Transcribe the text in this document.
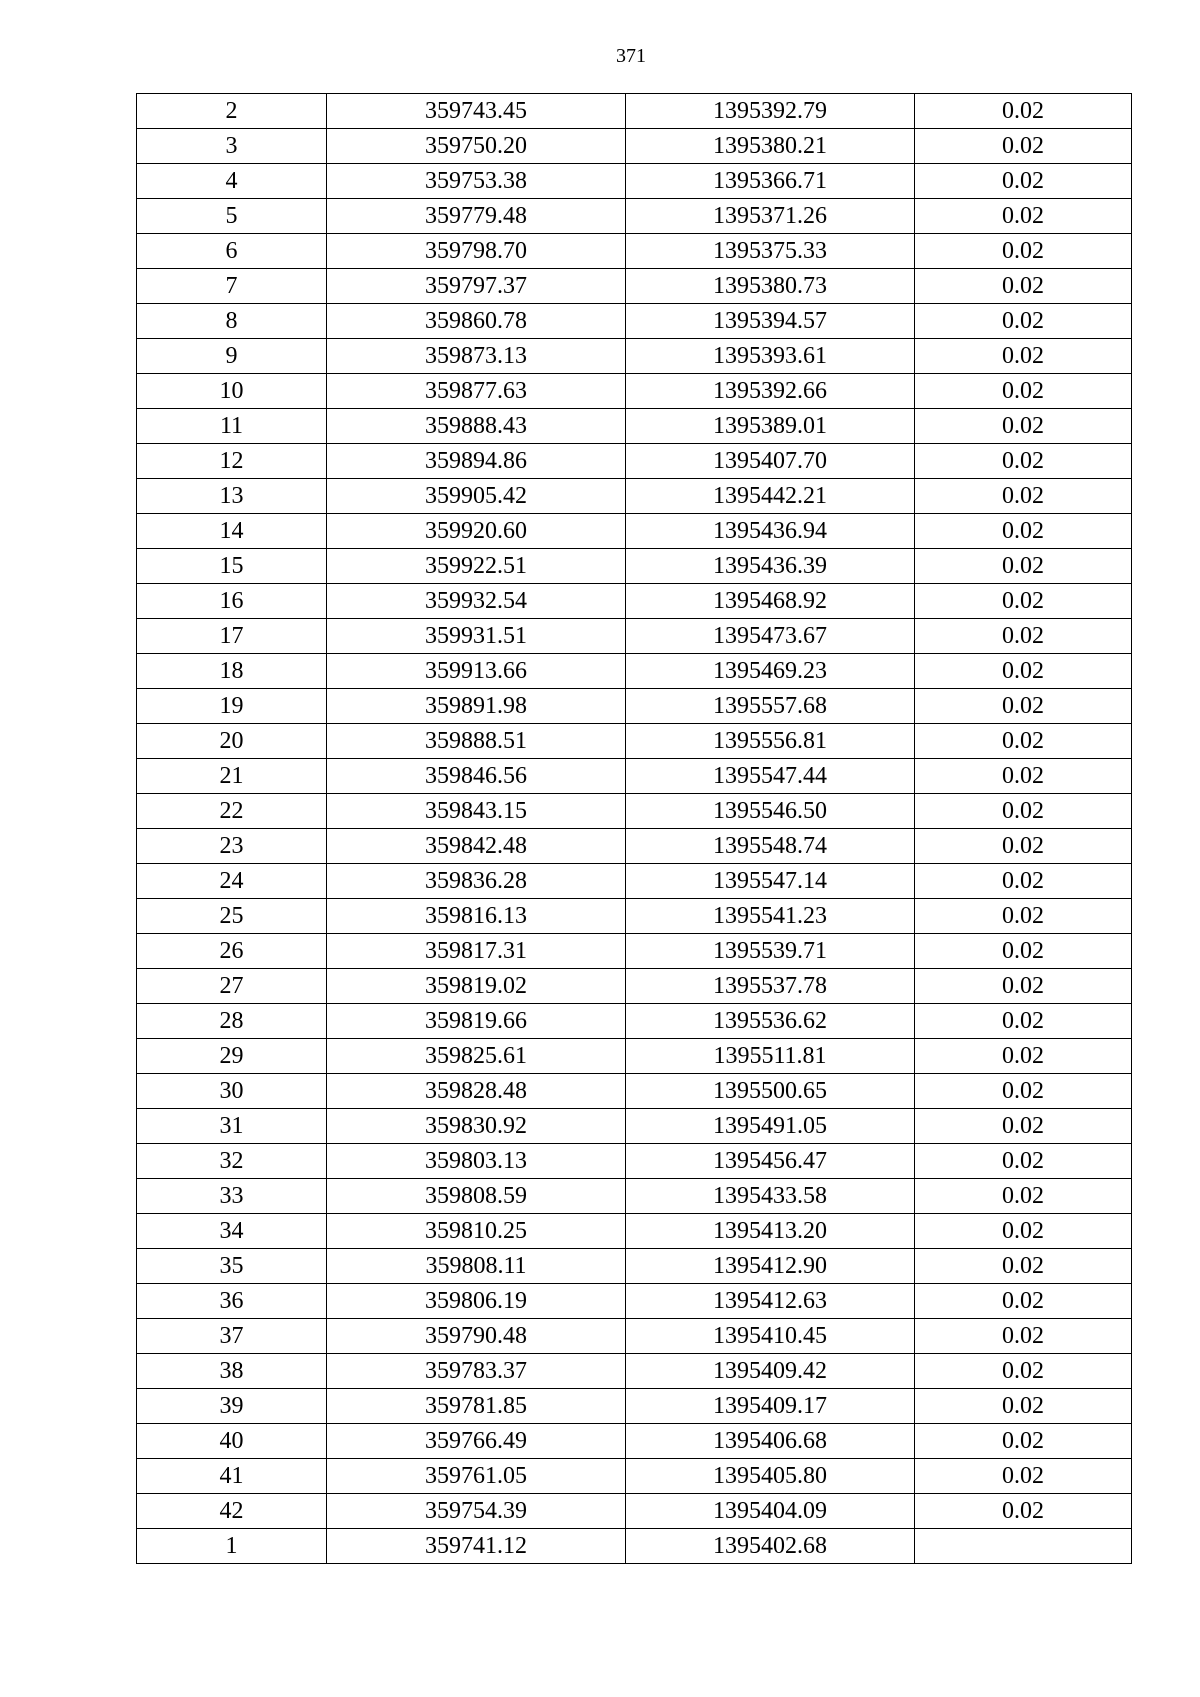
371
2	359743.45	1395392.79	0.02
3	359750.20	1395380.21	0.02
4	359753.38	1395366.71	0.02
5	359779.48	1395371.26	0.02
6	359798.70	1395375.33	0.02
7	359797.37	1395380.73	0.02
8	359860.78	1395394.57	0.02
9	359873.13	1395393.61	0.02
10	359877.63	1395392.66	0.02
11	359888.43	1395389.01	0.02
12	359894.86	1395407.70	0.02
13	359905.42	1395442.21	0.02
14	359920.60	1395436.94	0.02
15	359922.51	1395436.39	0.02
16	359932.54	1395468.92	0.02
17	359931.51	1395473.67	0.02
18	359913.66	1395469.23	0.02
19	359891.98	1395557.68	0.02
20	359888.51	1395556.81	0.02
21	359846.56	1395547.44	0.02
22	359843.15	1395546.50	0.02
23	359842.48	1395548.74	0.02
24	359836.28	1395547.14	0.02
25	359816.13	1395541.23	0.02
26	359817.31	1395539.71	0.02
27	359819.02	1395537.78	0.02
28	359819.66	1395536.62	0.02
29	359825.61	1395511.81	0.02
30	359828.48	1395500.65	0.02
31	359830.92	1395491.05	0.02
32	359803.13	1395456.47	0.02
33	359808.59	1395433.58	0.02
34	359810.25	1395413.20	0.02
35	359808.11	1395412.90	0.02
36	359806.19	1395412.63	0.02
37	359790.48	1395410.45	0.02
38	359783.37	1395409.42	0.02
39	359781.85	1395409.17	0.02
40	359766.49	1395406.68	0.02
41	359761.05	1395405.80	0.02
42	359754.39	1395404.09	0.02
1	359741.12	1395402.68	
